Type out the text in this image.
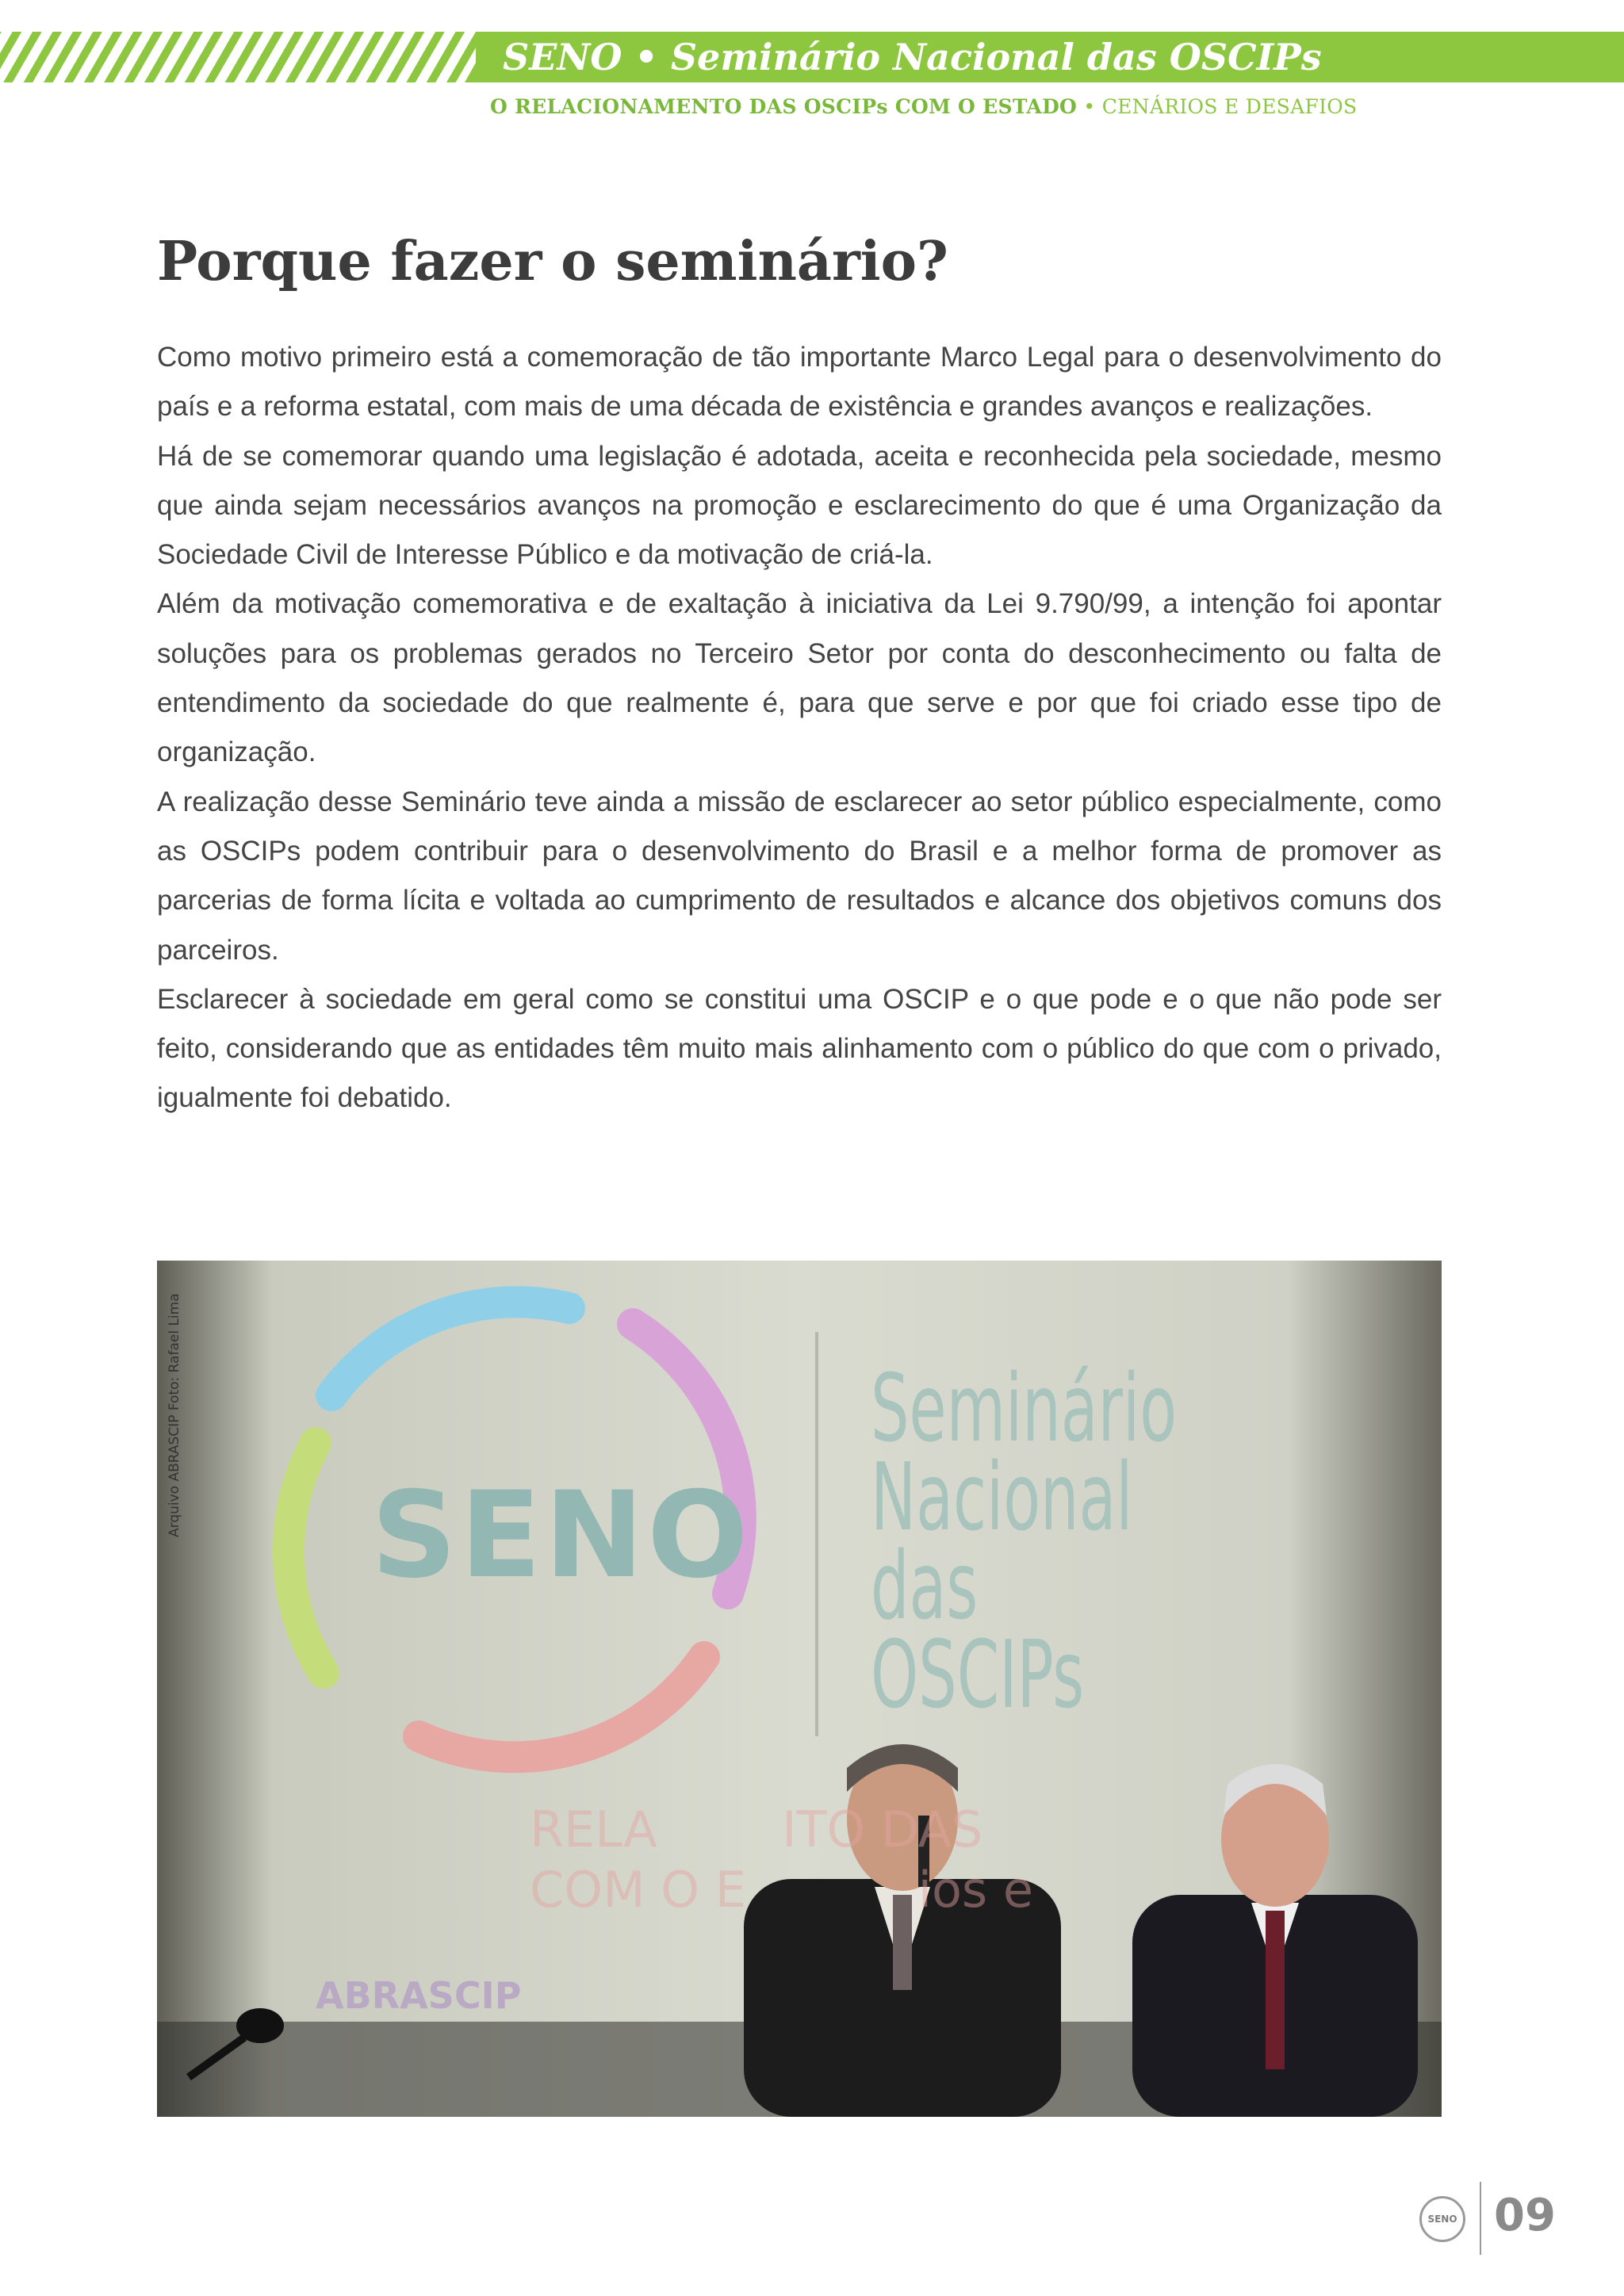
SENO • Seminário Nacional das OSCIPs
O RELACIONAMENTO DAS OSCIPs COM O ESTADO • CENÁRIOS E DESAFIOS
Porque fazer o seminário?

Como motivo primeiro está a comemoração de tão importante Marco Legal para o desenvolvimento do país e a reforma estatal, com mais de uma década de existência e grandes avanços e realizações.

Há de se comemorar quando uma legislação é adotada, aceita e reconhecida pela sociedade, mesmo que ainda sejam necessários avanços na promoção e esclarecimento do que é uma Organização da Sociedade Civil de Interesse Público e da motivação de criá-la.

Além da motivação comemorativa e de exaltação à iniciativa da Lei 9.790/99, a intenção foi apontar soluções para os problemas gerados no Terceiro Setor por conta do desconhecimento ou falta de entendimento da sociedade do que realmente é, para que serve e por que foi criado esse tipo de organização.

A realização desse Seminário teve ainda a missão de esclarecer ao setor público especialmente, como as OSCIPs podem contribuir para o desenvolvimento do Brasil e a melhor forma de promover as parcerias de forma lícita e voltada ao cumprimento de resultados e alcance dos objetivos comuns dos parceiros.

Esclarecer à sociedade em geral como se constitui uma OSCIP e o que pode e o que não pode ser feito, considerando que as entidades têm muito mais alinhamento com o público do que com o privado, igualmente foi debatido.

Arquivo ABRASCIP Foto: Rafael Lima SENO
Seminário
Nacional das
OSCIPs
RELA        ITO DAS
COM O E           ios e
ABRASCIP
SENO 09
